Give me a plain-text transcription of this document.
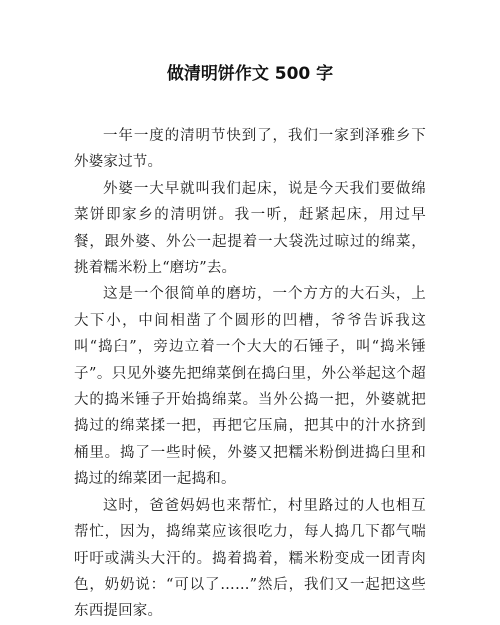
做清明饼作文 500 字

一年一度的清明节快到了，我们一家到泽雅乡下外婆家过节。

外婆一大早就叫我们起床，说是今天我们要做绵菜饼即家乡的清明饼。我一听，赶紧起床，用过早餐，跟外婆、外公一起提着一大袋洗过晾过的绵菜，挑着糯米粉上“磨坊”去。

这是一个很简单的磨坊，一个方方的大石头，上大下小，中间相凿了个圆形的凹槽，爷爷告诉我这叫“捣臼”，旁边立着一个大大的石锤子，叫“捣米锤子”。只见外婆先把绵菜倒在捣臼里，外公举起这个超大的捣米锤子开始捣绵菜。当外公捣一把，外婆就把捣过的绵菜揉一把，再把它压扁，把其中的汁水挤到桶里。捣了一些时候，外婆又把糯米粉倒进捣臼里和捣过的绵菜团一起捣和。

这时，爸爸妈妈也来帮忙，村里路过的人也相互帮忙，因为，捣绵菜应该很吃力，每人捣几下都气喘吁吁或满头大汗的。捣着捣着，糯米粉变成一团青肉色，奶奶说：“可以了……”然后，我们又一起把这些东西提回家。
